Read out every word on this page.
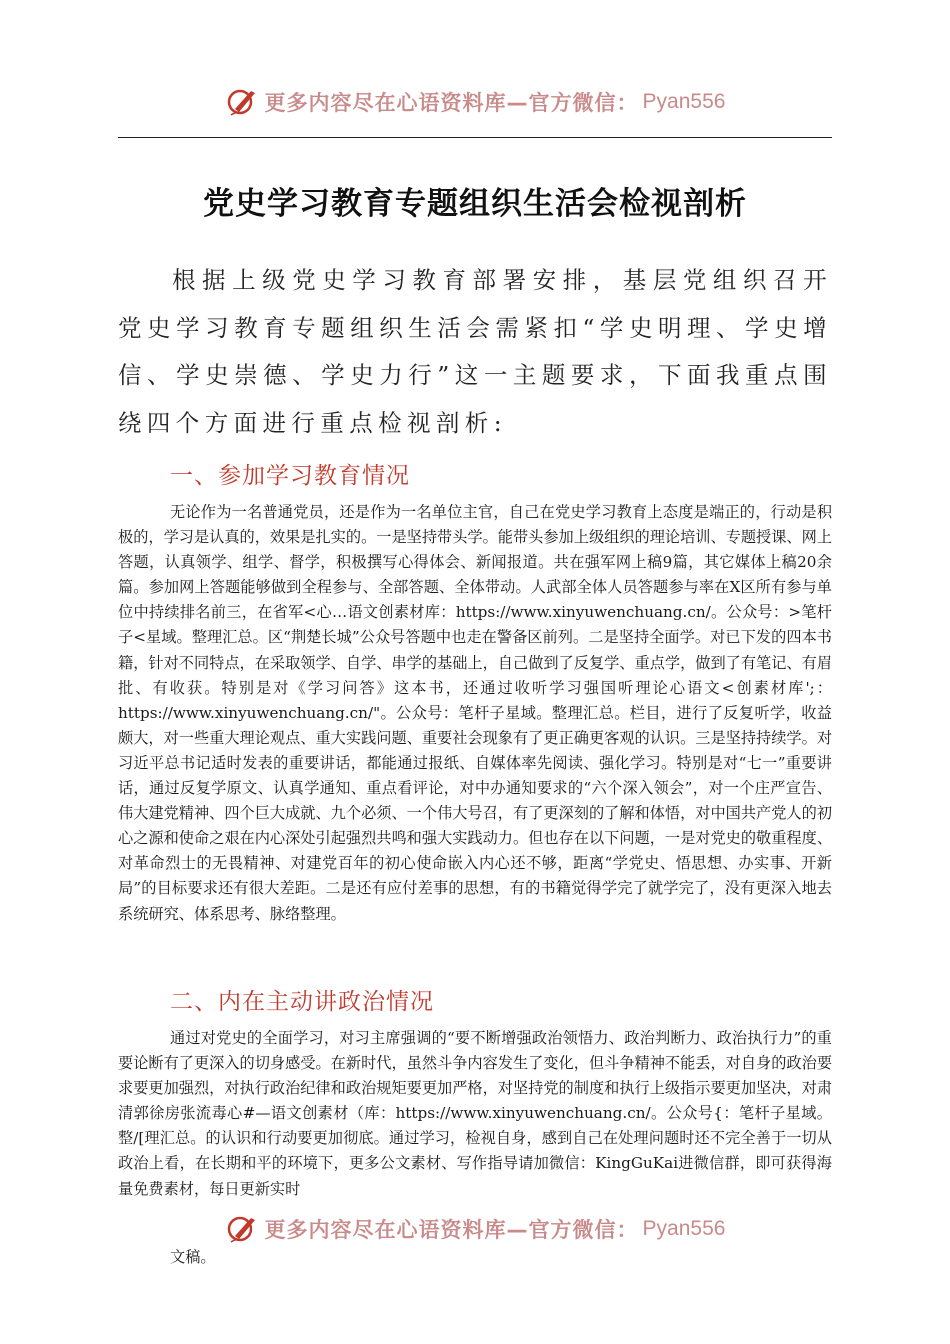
更多内容尽在心语资料库—官方微信： Pyan556
党史学习教育专题组织生活会检视剖析

根据上级党史学习教育部署安排，基层党组织召开党史学习教育专题组织生活会需紧扣“学史明理、学史增信、学史崇德、学史力行”这一主题要求，下面我重点围绕四个方面进行重点检视剖析:

一、参加学习教育情况

无论作为一名普通党员，还是作为一名单位主官，自己在党史学习教育上态度是端正的，行动是积极的，学习是认真的，效果是扎实的。一是坚持带头学。能带头参加上级组织的理论培训、专题授课、网上答题，认真领学、组学、督学，积极撰写心得体会、新闻报道。共在强军网上稿9篇，其它媒体上稿20余篇。参加网上答题能够做到全程参与、全部答题、全体带动。人武部全体人员答题参与率在X区所有参与单位中持续排名前三，在省军<心…语文创素材库：https://www.xinyuwenchuang.cn/。公众号：>笔杆子<星域。整理汇总。区“荆楚长城”公众号答题中也走在警备区前列。二是坚持全面学。对已下发的四本书籍，针对不同特点，在采取领学、自学、串学的基础上，自己做到了反复学、重点学，做到了有笔记、有眉批、有收获。特别是对《学习问答》这本书，还通过收听学习强国听理论心语文<创素材库';：https://www.xinyuwenchuang.cn/"。公众号：笔杆子星域。整理汇总。栏目，进行了反复听学，收益颇大，对一些重大理论观点、重大实践问题、重要社会现象有了更正确更客观的认识。三是坚持持续学。对习近平总书记适时发表的重要讲话，都能通过报纸、自媒体率先阅读、强化学习。特别是对“七一”重要讲话，通过反复学原文、认真学通知、重点看评论，对中办通知要求的“六个深入领会”，对一个庄严宣告、伟大建党精神、四个巨大成就、九个必须、一个伟大号召，有了更深刻的了解和体悟，对中国共产党人的初心之源和使命之艰在内心深处引起强烈共鸣和强大实践动力。但也存在以下问题，一是对党史的敬重程度、对革命烈士的无畏精神、对建党百年的初心使命嵌入内心还不够，距离“学党史、悟思想、办实事、开新局”的目标要求还有很大差距。二是还有应付差事的思想，有的书籍觉得学完了就学完了，没有更深入地去系统研究、体系思考、脉络整理。

二、内在主动讲政治情况

通过对党史的全面学习，对习主席强调的“要不断增强政治领悟力、政治判断力、政治执行力”的重要论断有了更深入的切身感受。在新时代，虽然斗争内容发生了变化，但斗争精神不能丢，对自身的政治要求要更加强烈，对执行政治纪律和政治规矩要更加严格，对坚持党的制度和执行上级指示要更加坚决，对肃清郭徐房张流毒心#—语文创素材（库：https://www.xinyuwenchuang.cn/。公众号{：笔杆子星域。整/[理汇总。的认识和行动要更加彻底。通过学习，检视自身，感到自己在处理问题时还不完全善于一切从政治上看，在长期和平的环境下，更多公文素材、写作指导请加微信：KingGuKai进微信群，即可获得海量免费素材，每日更新实时

更多内容尽在心语资料库—官方微信： Pyan556

文稿。
